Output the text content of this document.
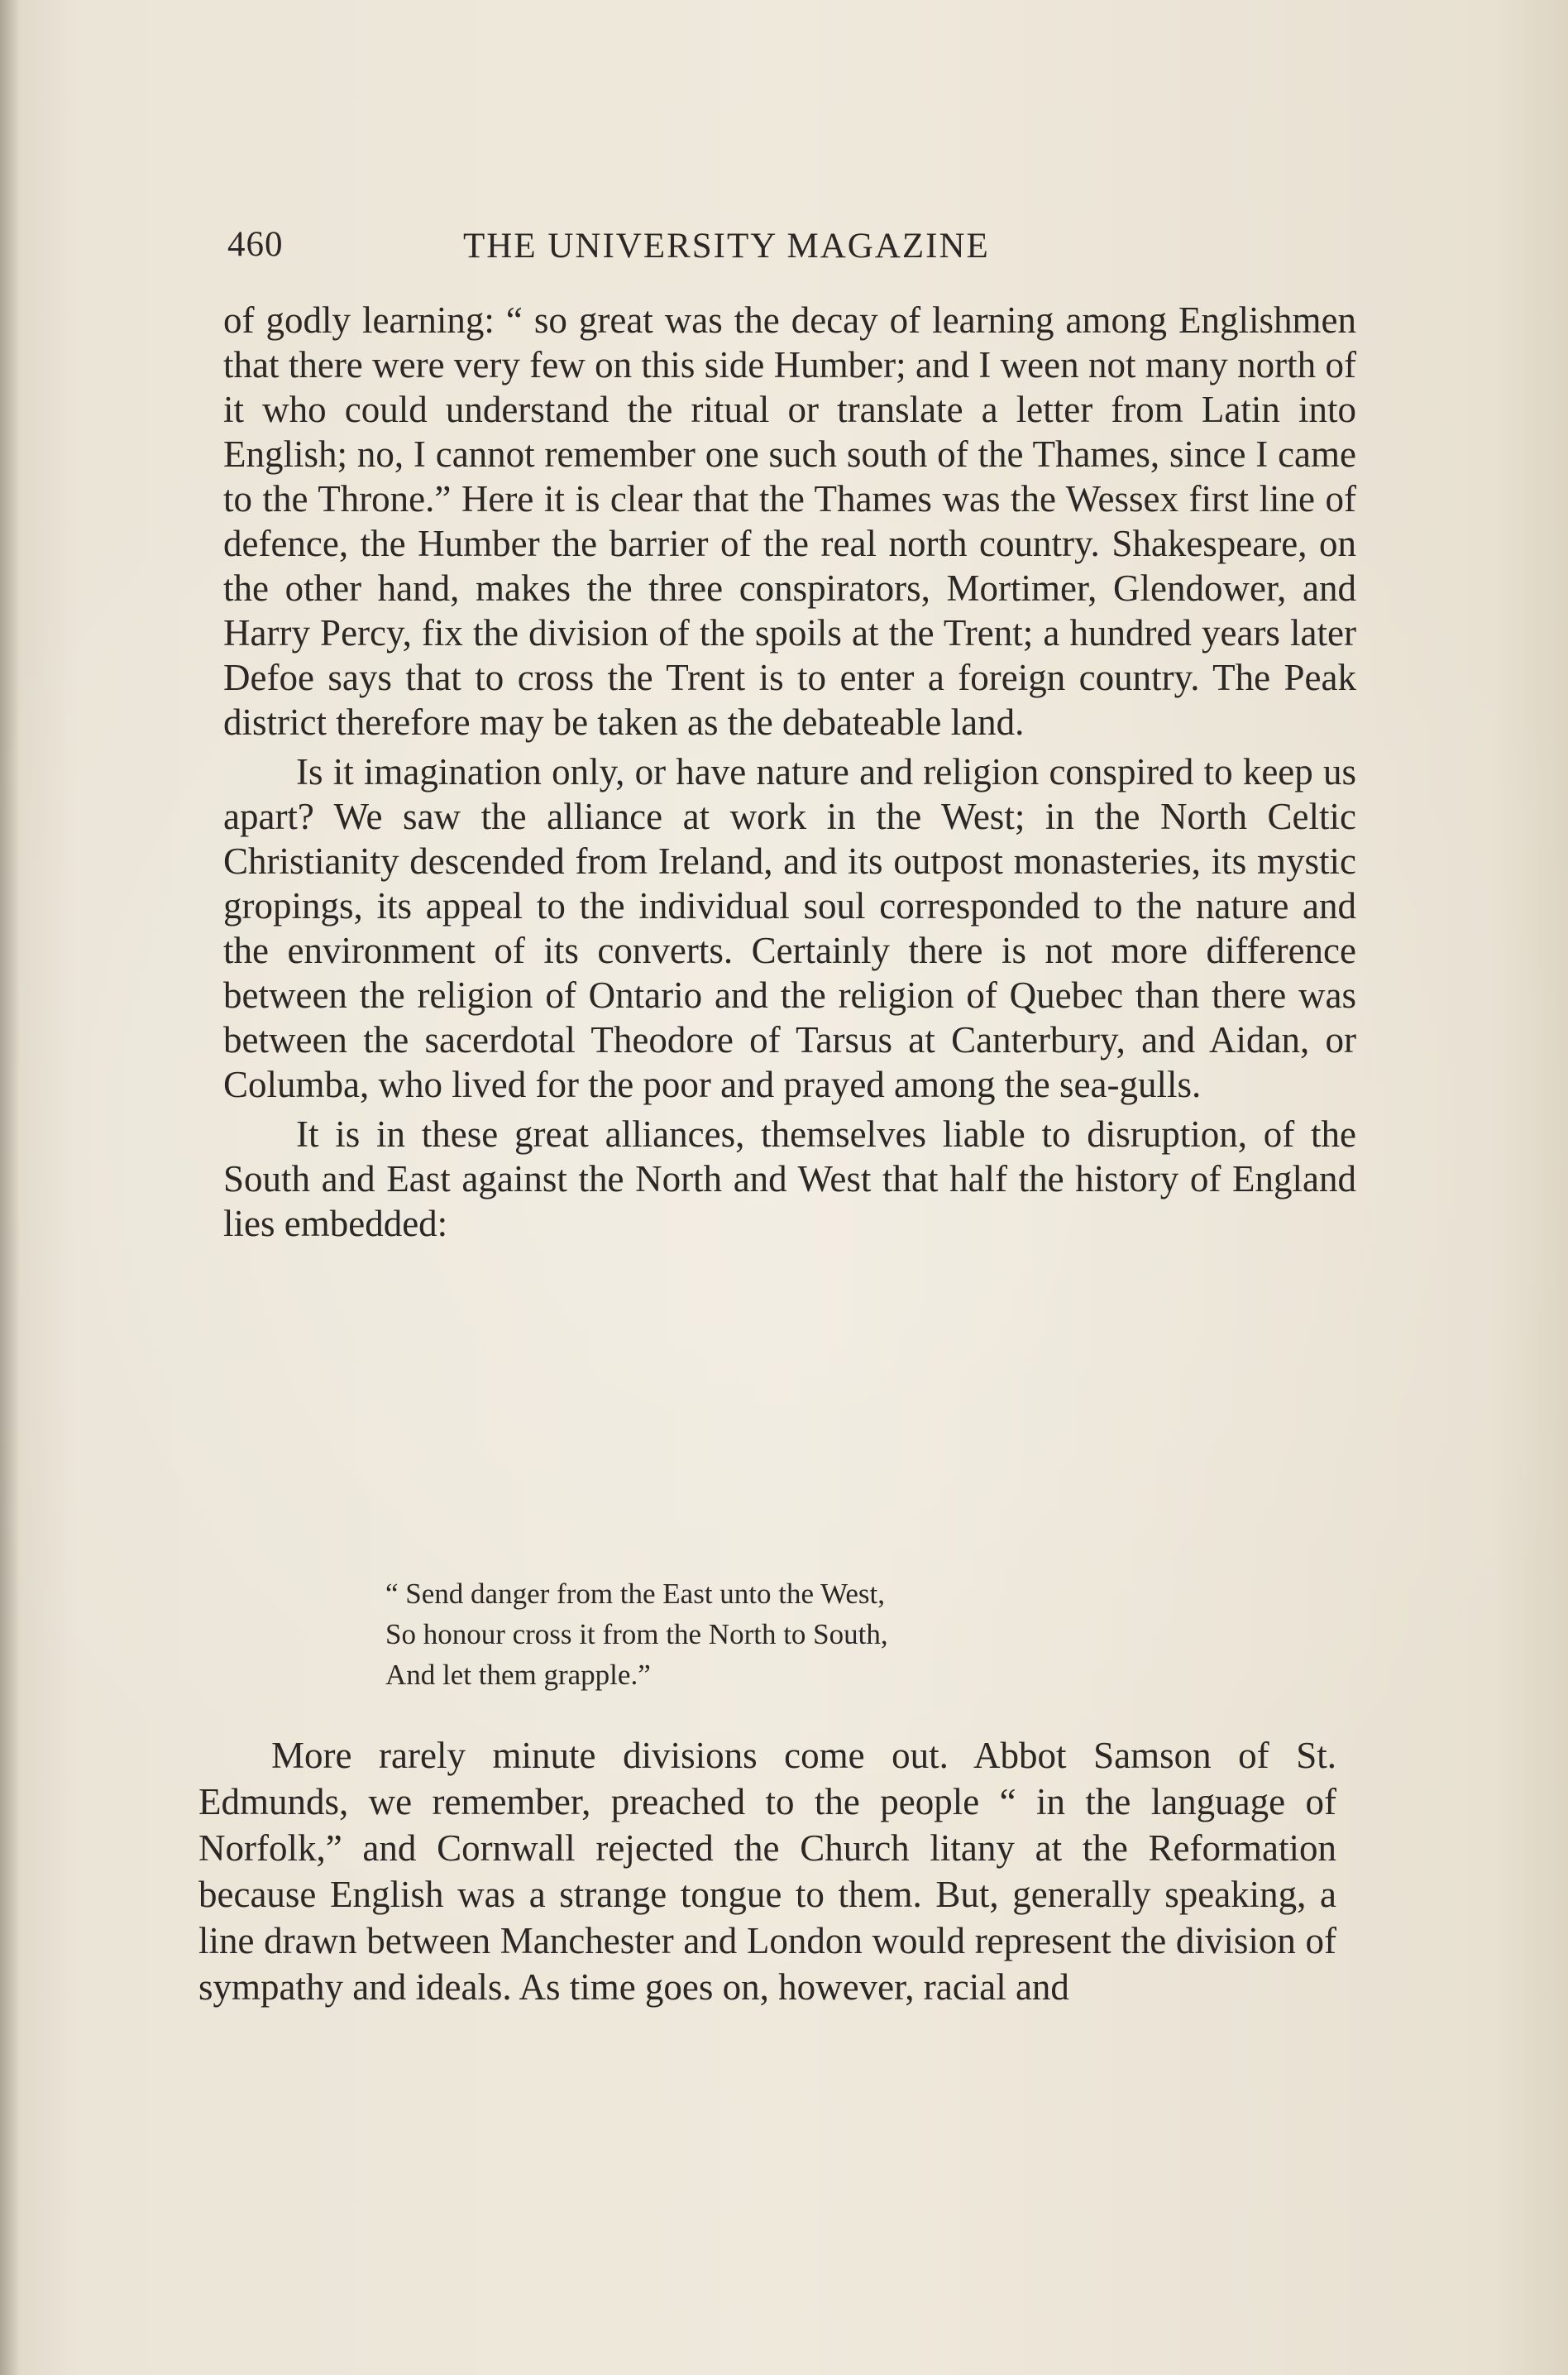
460	THE UNIVERSITY MAGAZINE

of godly learning: “ so great was the decay of learning among Englishmen that there were very few on this side Humber; and I ween not many north of it who could understand the ritual or translate a letter from Latin into English; no, I cannot remember one such south of the Thames, since I came to the Throne.” Here it is clear that the Thames was the Wessex first line of defence, the Humber the barrier of the real north country. Shakespeare, on the other hand, makes the three conspirators, Mortimer, Glendower, and Harry Percy, fix the division of the spoils at the Trent; a hundred years later Defoe says that to cross the Trent is to enter a foreign country. The Peak district therefore may be taken as the debateable land.

Is it imagination only, or have nature and religion conspired to keep us apart? We saw the alliance at work in the West; in the North Celtic Christianity descended from Ireland, and its outpost monasteries, its mystic gropings, its appeal to the individual soul corresponded to the nature and the environment of its converts. Certainly there is not more difference between the religion of Ontario and the religion of Quebec than there was between the sacerdotal Theodore of Tarsus at Canterbury, and Aidan, or Columba, who lived for the poor and prayed among the sea-gulls.

It is in these great alliances, themselves liable to disruption, of the South and East against the North and West that half the history of England lies embedded:

“ Send danger from the East unto the West,
So honour cross it from the North to South,
And let them grapple.”

More rarely minute divisions come out. Abbot Samson of St. Edmunds, we remember, preached to the people “ in the language of Norfolk,” and Cornwall rejected the Church litany at the Reformation because English was a strange tongue to them. But, generally speaking, a line drawn between Manchester and London would represent the division of sympathy and ideals. As time goes on, however, racial and
